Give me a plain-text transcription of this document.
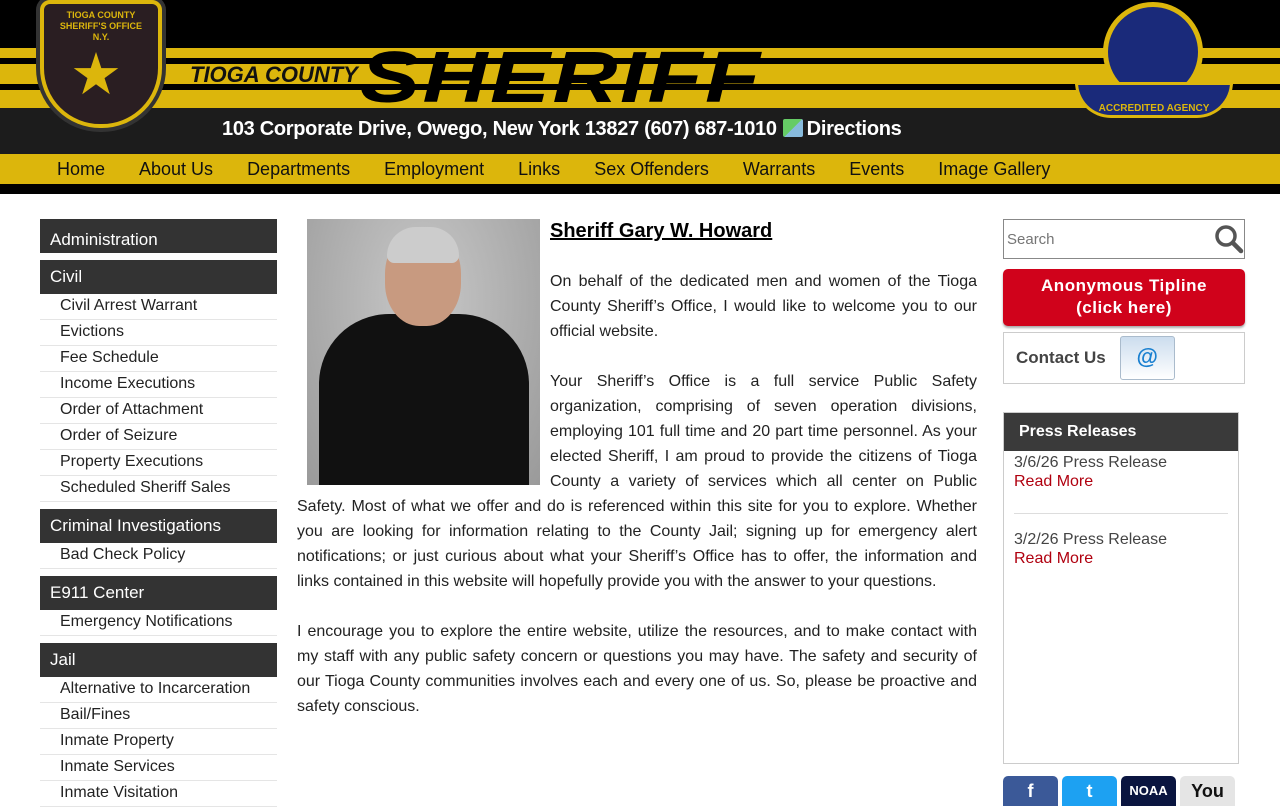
TIOGA COUNTY SHERIFF'S OFFICE N.Y.
★	TIOGA COUNTY SHERIFF	ACCREDITED AGENCY
103 Corporate Drive, Owego, New York 13827 (607) 687-1010 Directions
Home	About Us	Departments	Employment	Links	Sex Offenders	Warrants	Events	Image Gallery
Administration
Civil
Civil Arrest Warrant
Evictions
Fee Schedule
Income Executions
Order of Attachment
Order of Seizure
Property Executions
Scheduled Sheriff Sales
Criminal Investigations
Bad Check Policy
E911 Center
Emergency Notifications
Jail
Alternative to Incarceration
Bail/Fines
Inmate Property
Inmate Services
Inmate Visitation
Sheriff Gary W. Howard

On behalf of the dedicated men and women of the Tioga County Sheriff’s Office, I would like to welcome you to our official website.

Your Sheriff’s Office is a full service Public Safety organization, comprising of seven operation divisions, employing 101 full time and 20 part time personnel. As your elected Sheriff, I am proud to provide the citizens of Tioga County a variety of services which all center on Public Safety. Most of what we offer and do is referenced within this site for you to explore. Whether you are looking for information relating to the County Jail; signing up for emergency alert notifications; or just curious about what your Sheriff’s Office has to offer, the information and links contained in this website will hopefully provide you with the answer to your questions.

I encourage you to explore the entire website, utilize the resources, and to make contact with my staff with any public safety concern or questions you may have. The safety and security of our Tioga County communities involves each and every one of us. So, please be proactive and safety conscious.

Search
Anonymous Tipline
(click here)
Contact Us	@
Press Releases
3/6/26 Press Release
Read More
3/2/26 Press Release
Read More
f	t	NOAA	You
